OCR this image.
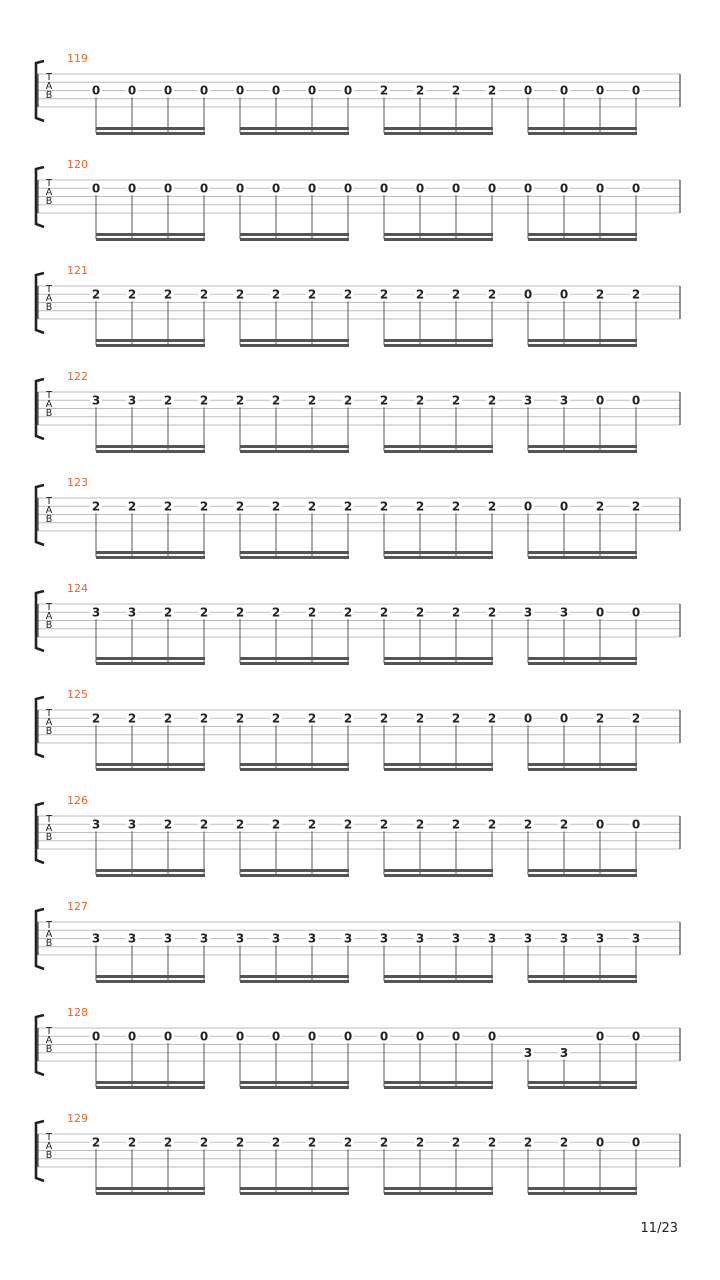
119
T
A
B	0 0 0 0 0 0 0 0 2 2 2 2 0 0 0 0
120
T
A
B
0 0 0 0 0 0 0 0 0 0 0 0 0 0 0 0
121
T
A
B
2 2 2 2 2 2 2 2 2 2 2 2 0 0 2 2
122
T
A
B
3 3 2 2 2 2 2 2 2 2 2 2 3 3 0 0
123
T
A
B
2 2 2 2 2 2 2 2 2 2 2 2 0 0 2 2
124
T
A
B
3 3 2 2 2 2 2 2 2 2 2 2 3 3 0 0
125
T
A
B
2 2 2 2 2 2 2 2 2 2 2 2 0 0 2 2
126
T
A
B
3 3 2 2 2 2 2 2 2 2 2 2 2 2 0 0
127
T
A
B	3 3 3 3 3 3 3 3 3 3 3 3 3 3 3 3
128
T
A
B
0 0 0 0 0 0 0 0 0 0 0 0
3 3
0 0
129
T
A
B
2 2 2 2 2 2 2 2 2 2 2 2 2 2 0 0
11/23
